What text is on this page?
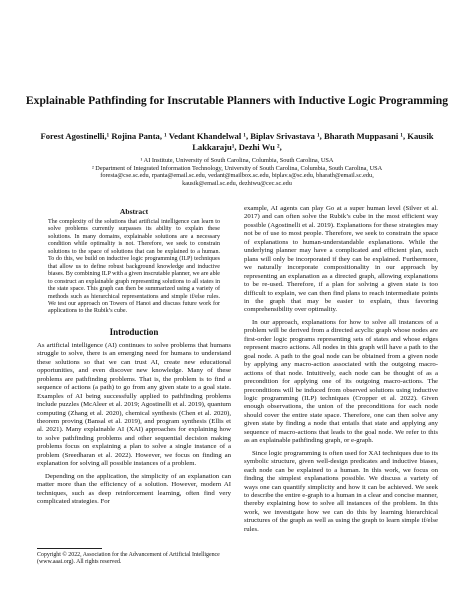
Explainable Pathfinding for Inscrutable Planners with Inductive Logic Programming
Forest Agostinelli,¹ Rojina Panta, ¹ Vedant Khandelwal ¹, Biplav Srivastava ¹, Bharath Muppasani ¹, Kausik Lakkaraju¹, Dezhi Wu ²,
¹ AI Institute, University of South Carolina, Columbia, South Carolina, USA
² Department of Integrated Information Technology, University of South Carolina, Columbia, South Carolina, USA
foresta@cse.sc.edu, rpanta@email.sc.edu, vedant@mailbox.sc.edu, biplav.s@sc.edu, bharath@email.sc.edu,
kausik@email.sc.edu, dezhiwu@cec.sc.edu
Abstract
The complexity of the solutions that artificial intelligence can learn to solve problems currently surpasses its ability to explain these solutions. In many domains, explainable solutions are a necessary condition while optimality is not. Therefore, we seek to constrain solutions to the space of solutions that can be explained to a human. To do this, we build on inductive logic programming (ILP) techniques that allow us to define robust background knowledge and inductive biases. By combining ILP with a given inscrutable planner, we are able to construct an explainable graph representing solutions to all states in the state space. This graph can then be summarized using a variety of methods such as hierarchical representations and simple if/else rules. We test our approach on Towers of Hanoi and discuss future work for applications to the Rubik’s cube.
Introduction

As artificial intelligence (AI) continues to solve problems that humans struggle to solve, there is an emerging need for humans to understand these solutions so that we can trust AI, create new educational opportunities, and even discover new knowledge. Many of these problems are pathfinding problems. That is, the problem is to find a sequence of actions (a path) to go from any given state to a goal state. Examples of AI being successfully applied to pathfinding problems include puzzles (McAleer et al. 2019; Agostinelli et al. 2019), quantum computing (Zhang et al. 2020), chemical synthesis (Chen et al. 2020), theorem proving (Bansal et al. 2019), and program synthesis (Ellis et al. 2021). Many explainable AI (XAI) approaches for explaining how to solve pathfinding problems and other sequential decision making problems focus on explaining a plan to solve a single instance of a problem (Sreedharan et al. 2022). However, we focus on finding an explanation for solving all possible instances of a problem.

Depending on the application, the simplicity of an explanation can matter more than the efficiency of a solution. However, modern AI techniques, such as deep reinforcement learning, often find very complicated strategies. For

example, AI agents can play Go at a super human level (Silver et al. 2017) and can often solve the Rubik’s cube in the most efficient way possible (Agostinelli et al. 2019). Explanations for these strategies may not be of use to most people. Therefore, we seek to constrain the space of explanations to human-understandable explanations. While the underlying planner may have a complicated and efficient plan, such plans will only be incorporated if they can be explained. Furthermore, we naturally incorporate compositionality in our approach by representing an explanation as a directed graph, allowing explanations to be re-used. Therefore, if a plan for solving a given state is too difficult to explain, we can then find plans to reach intermediate points in the graph that may be easier to explain, thus favoring comprehensibility over optimality.

In our approach, explanations for how to solve all instances of a problem will be derived from a directed acyclic graph whose nodes are first-order logic programs representing sets of states and whose edges represent macro actions. All nodes in this graph will have a path to the goal node. A path to the goal node can be obtained from a given node by applying any macro-action associated with the outgoing macro-actions of that node. Intuitively, each node can be thought of as a precondition for applying one of its outgoing macro-actions. The preconditions will be induced from observed solutions using inductive logic programming (ILP) techniques (Cropper et al. 2022). Given enough observations, the union of the preconditions for each node should cover the entire state space. Therefore, one can then solve any given state by finding a node that entails that state and applying any sequence of macro-actions that leads to the goal node. We refer to this as an explainable pathfinding graph, or e-graph.

Since logic programming is often used for XAI techniques due to its symbolic structure, given well-design predicates and inductive biases, each node can be explained to a human. In this work, we focus on finding the simplest explanations possible. We discuss a variety of ways one can quantify simplicity and how it can be achieved. We seek to describe the entire e-graph to a human in a clear and concise manner, thereby explaining how to solve all instances of the problem. In this work, we investigate how we can do this by learning hierarchical structures of the graph as well as using the graph to learn simple if/else rules.

Copyright © 2022, Association for the Advancement of Artificial Intelligence (www.aaai.org). All rights reserved.
